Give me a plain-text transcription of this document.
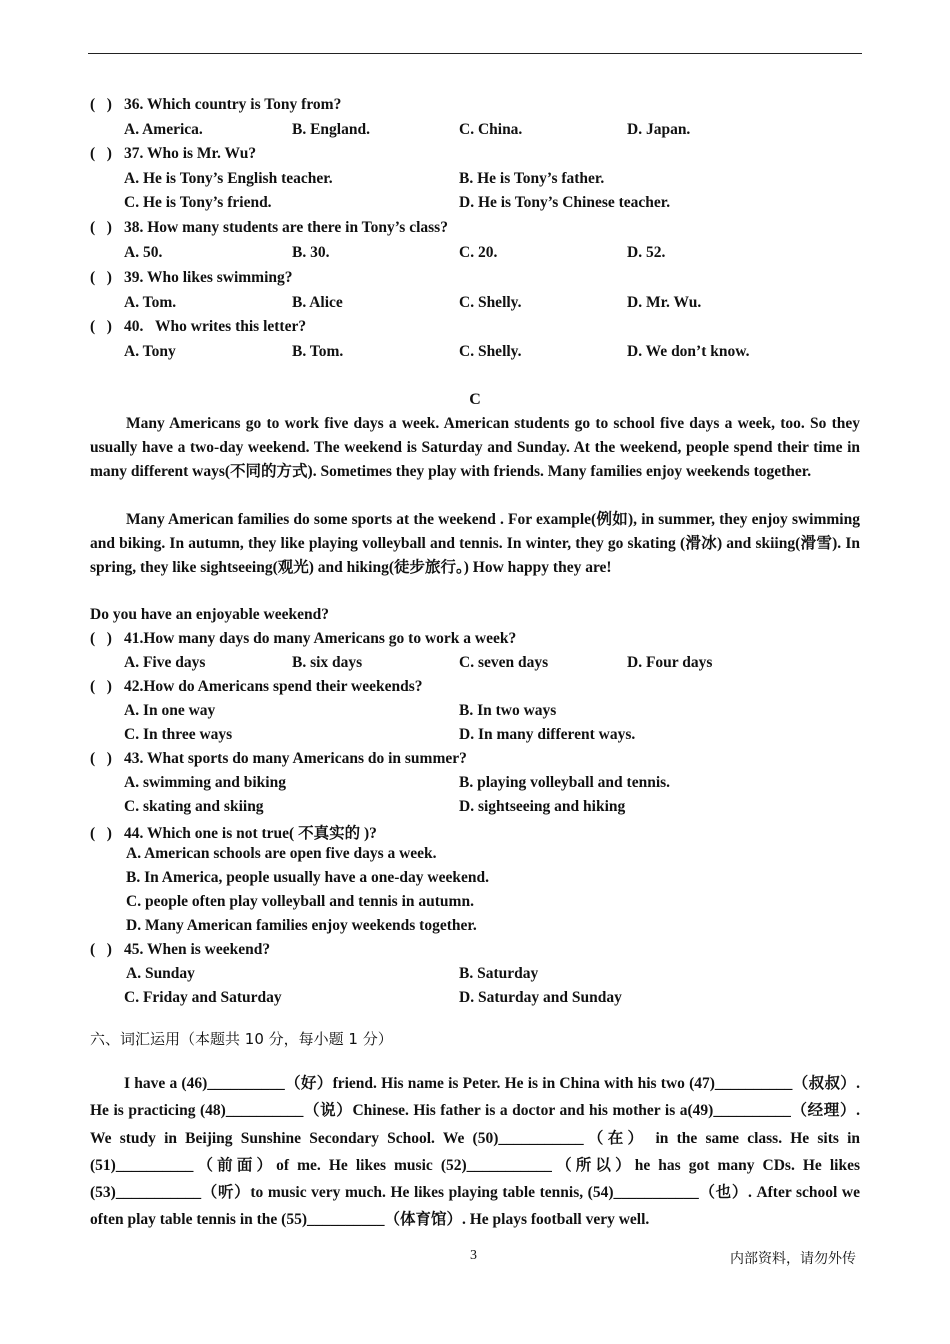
(   ) 36. Which country is Tony from?
A. America.	B. England.	C. China.	D. Japan.
(   ) 37. Who is Mr. Wu?
A. He is Tony’s English teacher.	B. He is Tony’s father.
C. He is Tony’s friend.	D. He is Tony’s Chinese teacher.
(   ) 38. How many students are there in Tony’s class?
A. 50.	B. 30.	C. 20.	D. 52.
(   ) 39. Who likes swimming?
A. Tom.	B. Alice	C. Shelly.	D. Mr. Wu.
(   ) 40.   Who writes this letter?
A. Tony	B. Tom.	C. Shelly.	D. We don’t know.
C

Many Americans go to work five days a week. American students go to school five days a week, too. So they usually have a two-day weekend. The weekend is Saturday and Sunday. At the weekend, people spend their time in many different ways(不同的方式). Sometimes they play with friends. Many families enjoy weekends together.

Many American families do some sports at the weekend . For example(例如), in summer, they enjoy swimming and biking. In autumn, they like playing volleyball and tennis. In winter, they go skating (滑冰) and skiing(滑雪). In spring, they like sightseeing(观光) and hiking(徒步旅行。) How happy they are!

Do you have an enjoyable weekend?
(   ) 41.How many days do many Americans go to work a week?
A. Five days	B. six days	C. seven days	D. Four days
(   ) 42.How do Americans spend their weekends?
A. In one way	B. In two ways
C. In three ways	D. In many different ways.
(   ) 43. What sports do many Americans do in summer?
A. swimming and biking	B. playing volleyball and tennis.
C. skating and skiing	D. sightseeing and hiking
(   ) 44. Which one is not true( 不真实的 )?
A. American schools are open five days a week.
B. In America, people usually have a one-day weekend.
C. people often play volleyball and tennis in autumn.
D. Many American families enjoy weekends together.
(   ) 45. When is weekend?
A. Sunday	B. Saturday
C. Friday and Saturday	D. Saturday and Sunday
六、词汇运用（本题共 10 分，每小题 1 分）

I have a (46)__________（好）friend. His name is Peter. He is in China with his two (47)__________（叔叔）. He is practicing (48)__________（说）Chinese. His father is a doctor and his mother is a(49)__________（经理）. We study in Beijing Sunshine Secondary School. We (50)___________（在） in the same class. He sits in (51)__________（前面）of me. He likes music (52)___________（所以）he has got many CDs. He likes (53)___________（听）to music very much. He likes playing table tennis, (54)___________（也）. After school we often play table tennis in the (55)__________（体育馆）. He plays football very well.

3	内部资料，请勿外传
